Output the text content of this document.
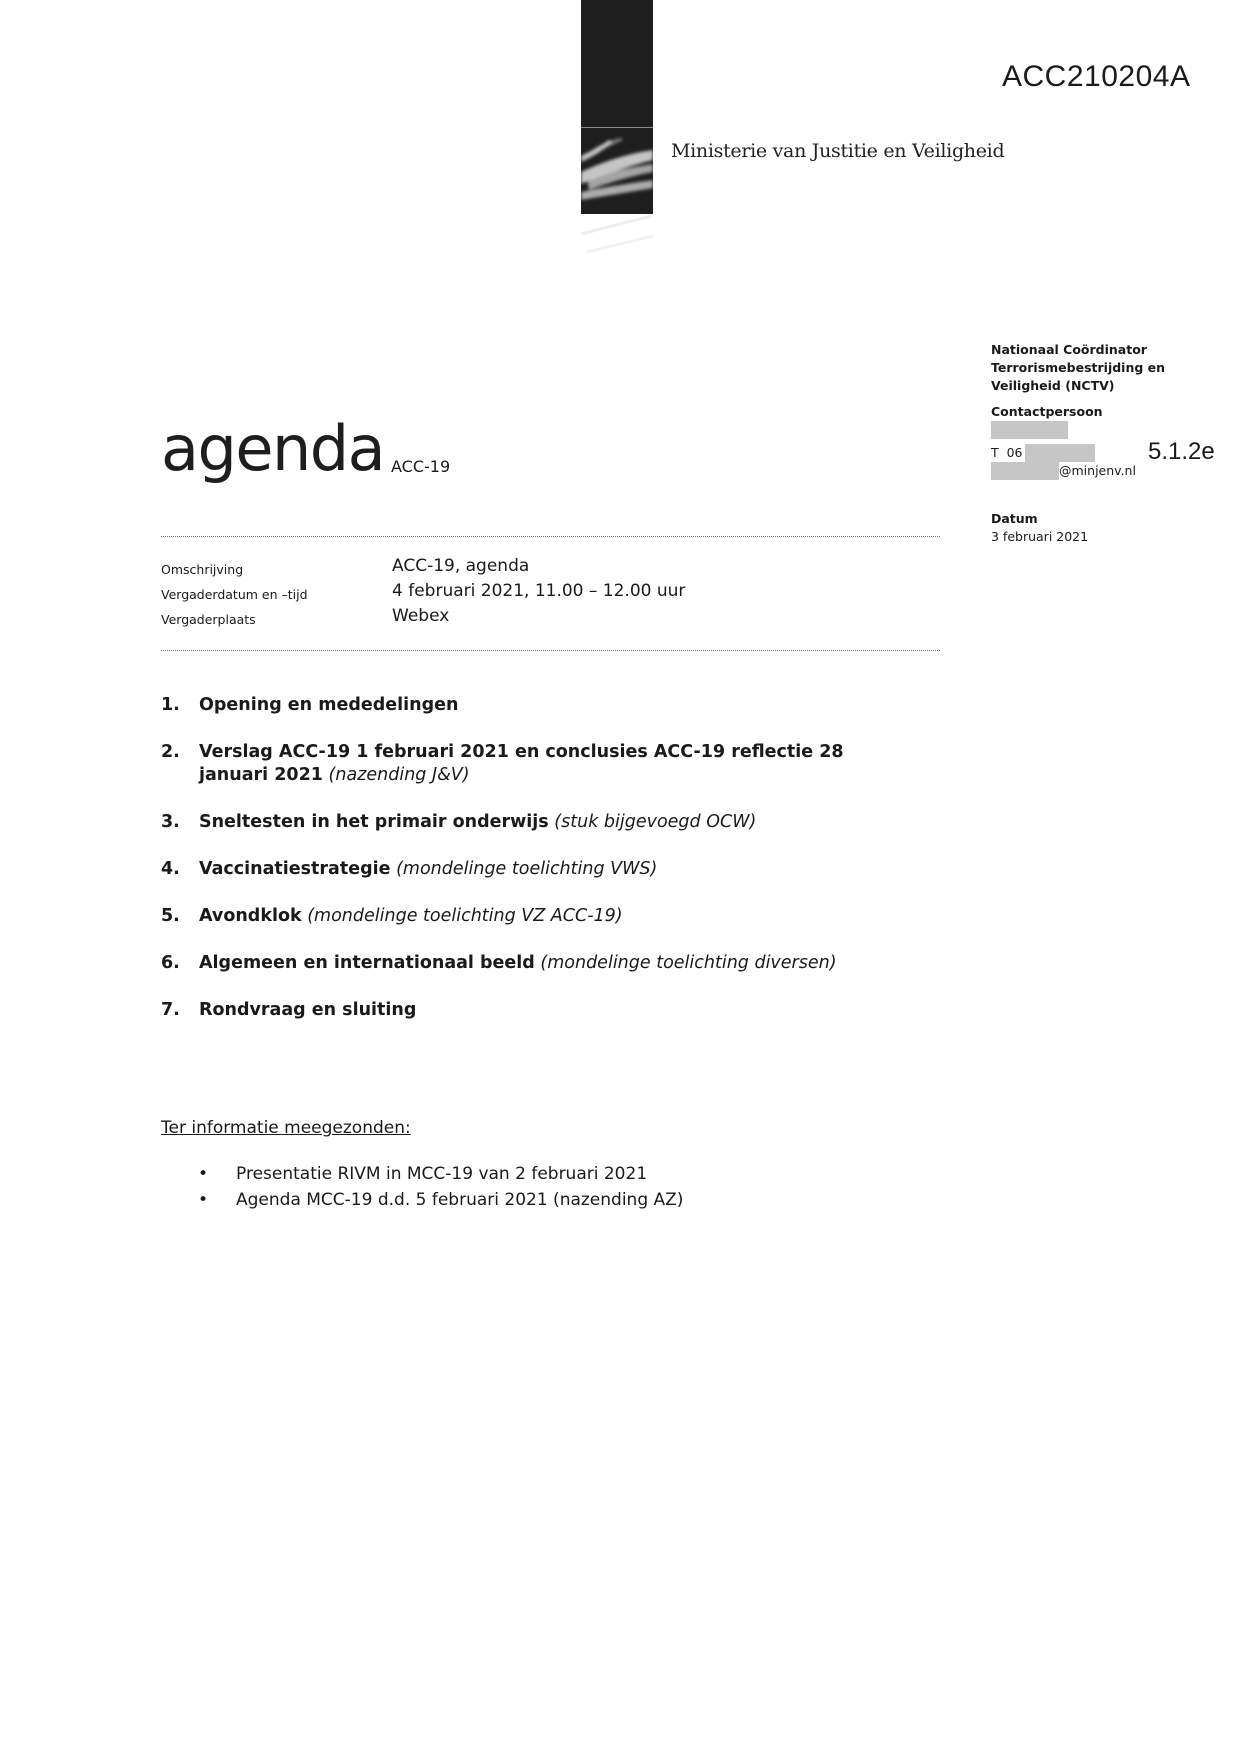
Ministerie van Justitie en Veiligheid
ACC210204A
Nationaal Coördinator
Terrorismebestrijding en
Veiligheid (NCTV)
Contactpersoon
T  06
@minjenv.nl
Datum
3 februari 2021
5.1.2e
agenda ACC-19
Omschrijving	ACC-19, agenda
Vergaderdatum en –tijd	4 februari 2021, 11.00 – 12.00 uur
Vergaderplaats	Webex
1.	Opening en mededelingen
2.	Verslag ACC-19 1 februari 2021 en conclusies ACC-19 reflectie 28 januari 2021 (nazending J&V)
3.	Sneltesten in het primair onderwijs (stuk bijgevoegd OCW)
4.	Vaccinatiestrategie (mondelinge toelichting VWS)
5.	Avondklok (mondelinge toelichting VZ ACC-19)
6.	Algemeen en internationaal beeld (mondelinge toelichting diversen)
7.	Rondvraag en sluiting
Ter informatie meegezonden:
• Presentatie RIVM in MCC-19 van 2 februari 2021
• Agenda MCC-19 d.d. 5 februari 2021 (nazending AZ)
